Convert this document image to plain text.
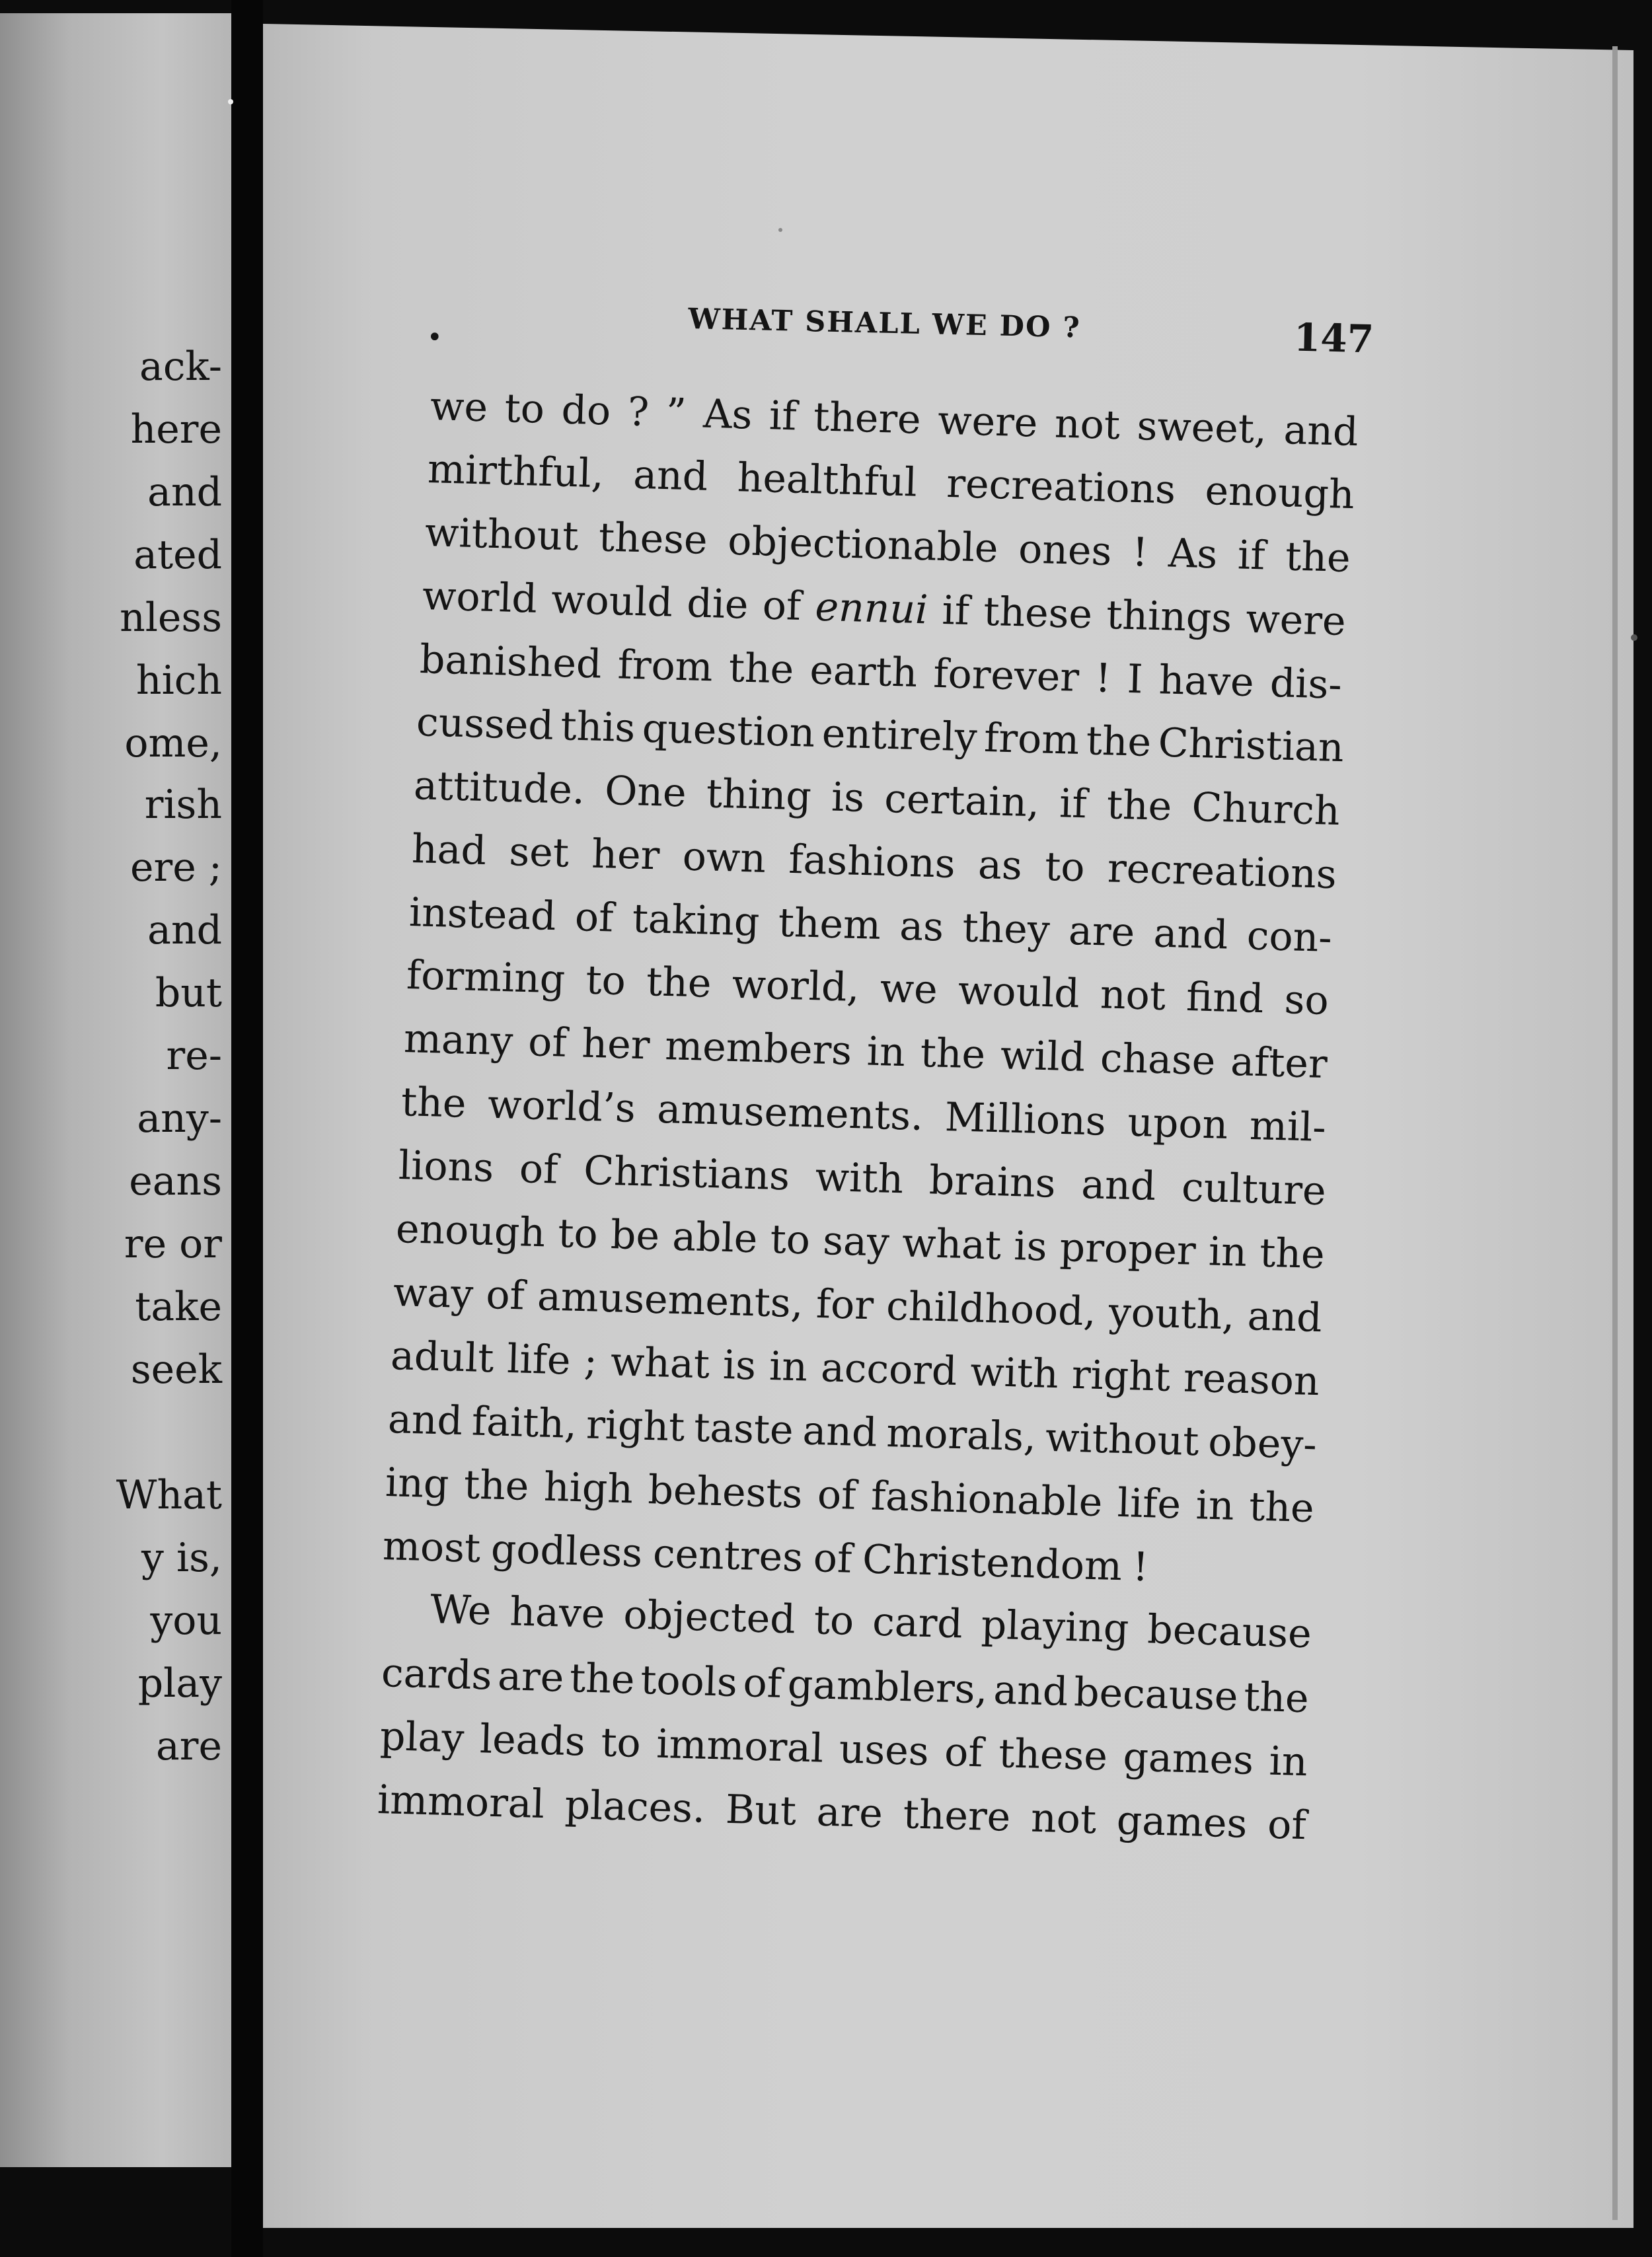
ack-
here
and
ated
nless
hich
ome,
rish
ere ;
and
but
re-
any-
eans
re or
take
seek
What
y is,
you
play
are
•	WHAT SHALL WE DO ?	147
we to do ? ” As if there were not sweet, and
mirthful, and healthful recreations enough
without these objectionable ones ! As if the
world would die of ennui if these things were
banished from the earth forever ! I have dis-
cussed this question entirely from the Christian
attitude. One thing is certain, if the Church
had set her own fashions as to recreations
instead of taking them as they are and con-
forming to the world, we would not find so
many of her members in the wild chase after
the world’s amusements. Millions upon mil-
lions of Christians with brains and culture
enough to be able to say what is proper in the
way of amusements, for childhood, youth, and
adult life ; what is in accord with right reason
and faith, right taste and morals, without obey-
ing the high behests of fashionable life in the
most godless centres of Christendom !
We have objected to card playing because
cards are the tools of gamblers, and because the
play leads to immoral uses of these games in
immoral places. But are there not games of
